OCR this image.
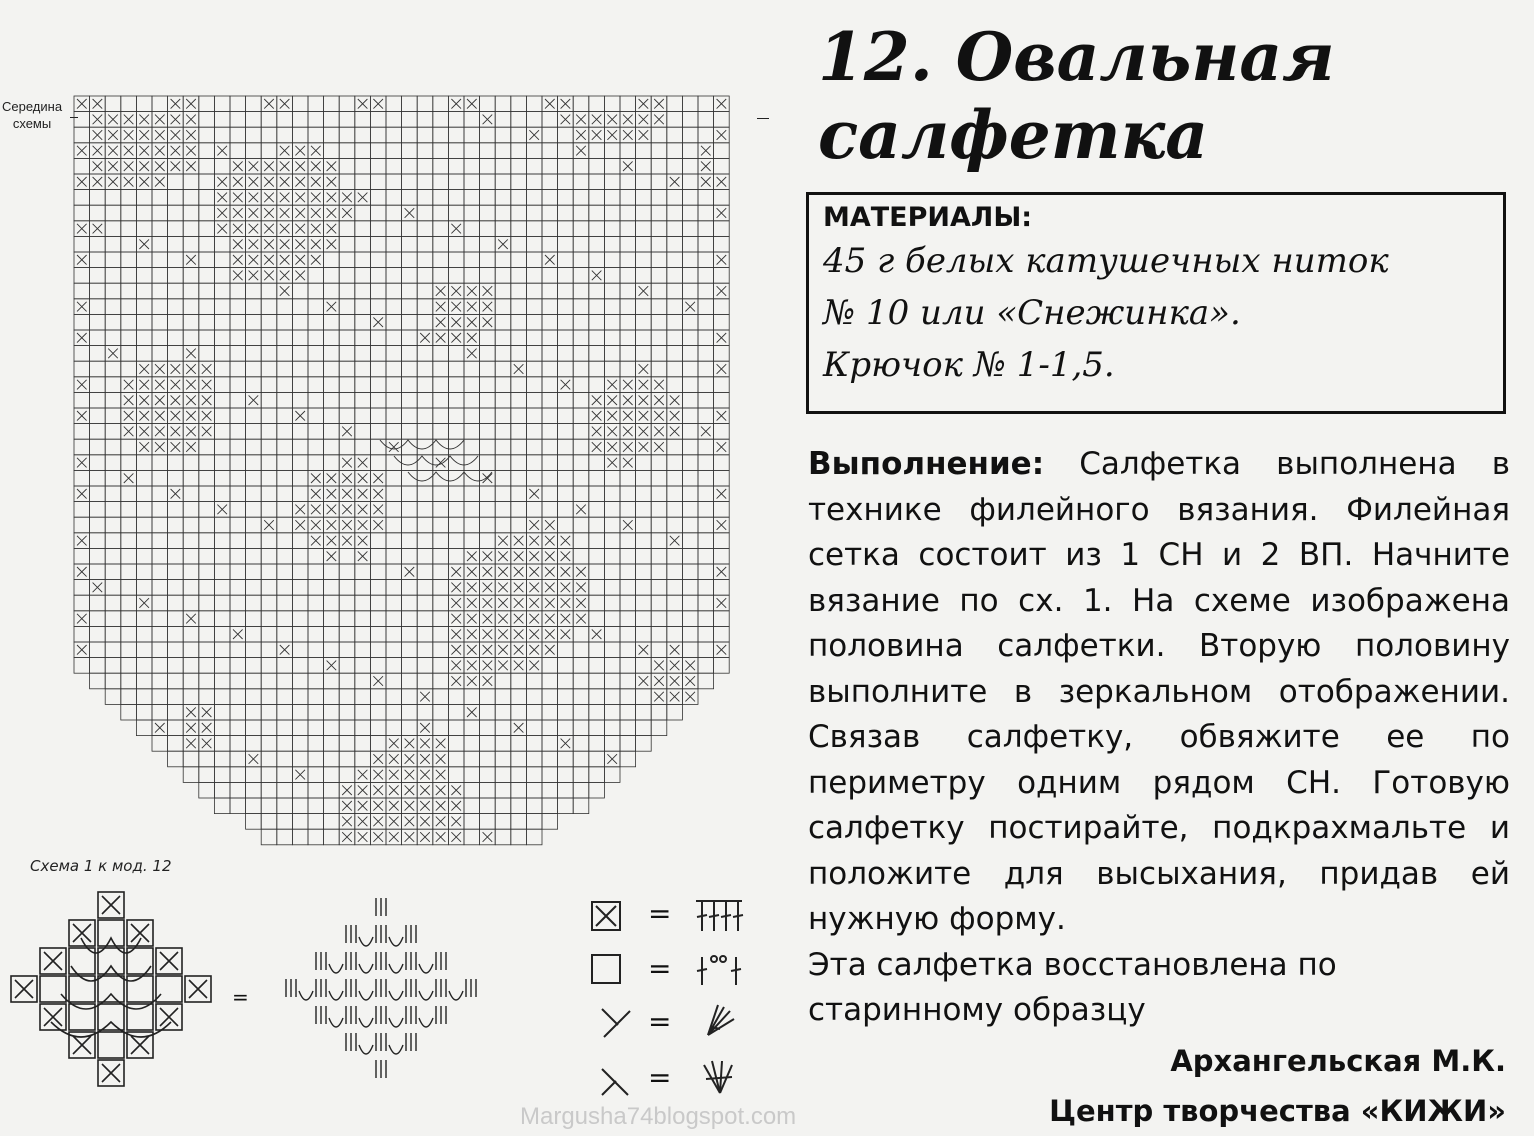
12. Овальная
салфетка
МАТЕРИАЛЫ:
45 г белых катушечных ниток
№ 10 или «Снежинка».
Крючок № 1-1,5.
Выполнение: Салфетка выполнена в технике филейного вязания. Филейная сетка состоит из 1 СН и 2 ВП. Начните вязание по сх. 1. На схеме изображена половина салфетки. Вторую половину выполните в зеркальном отображении. Связав салфетку, обвяжите ее по периметру одним рядом СН. Готовую салфетку постирайте, подкрахмальте и положите для высыхания, придав ей нужную форму.
Эта салфетка восстановлена по старинному образцу
Архангельская М.К.
Центр творчества «КИЖИ»
Середина
схемы
Схема 1 к мод. 12
=
=
=
=
=
Margusha74blogspot.com
